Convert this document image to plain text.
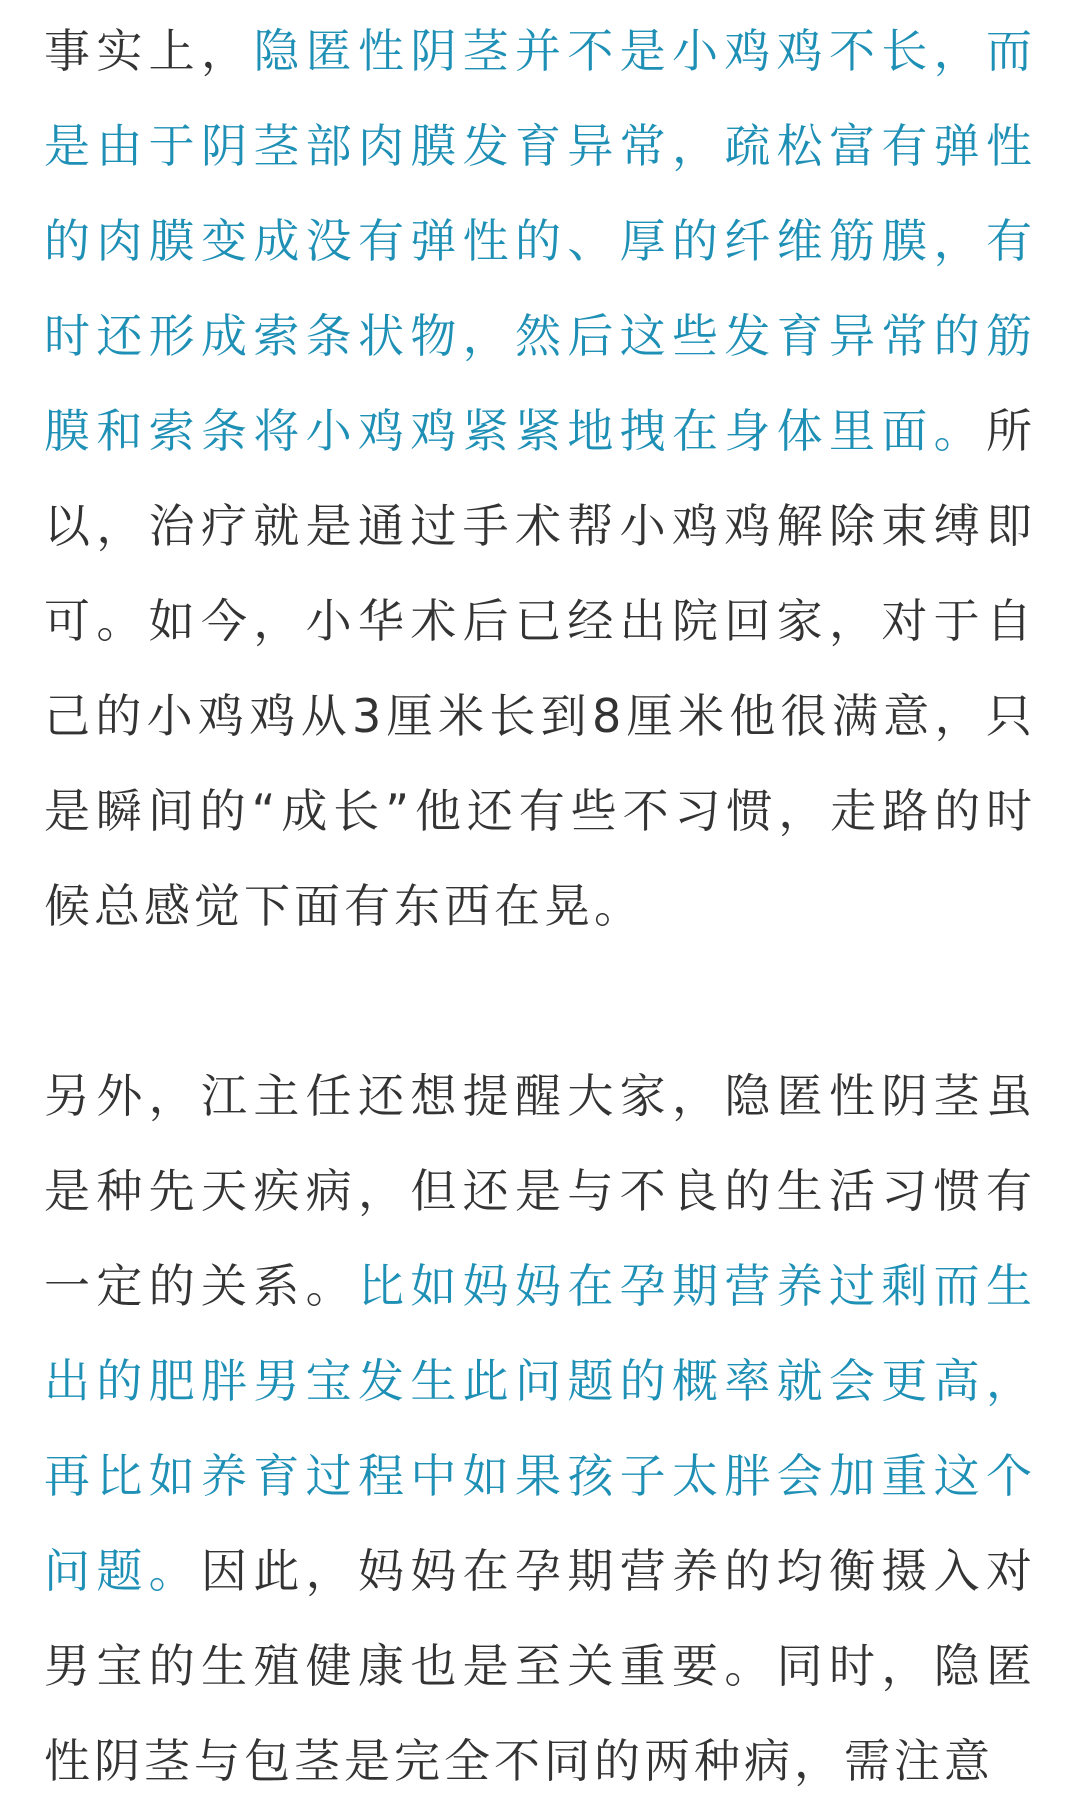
事实上，隐匿性阴茎并不是小鸡鸡不长，而是由于阴茎部肉膜发育异常，疏松富有弹性的肉膜变成没有弹性的、厚的纤维筋膜，有时还形成索条状物，然后这些发育异常的筋膜和索条将小鸡鸡紧紧地拽在身体里面。所以，治疗就是通过手术帮小鸡鸡解除束缚即可。如今，小华术后已经出院回家，对于自己的小鸡鸡从3厘米长到8厘米他很满意，只是瞬间的“成长”他还有些不习惯，走路的时候总感觉下面有东西在晃。

另外，江主任还想提醒大家，隐匿性阴茎虽是种先天疾病，但还是与不良的生活习惯有一定的关系。比如妈妈在孕期营养过剩而生出的肥胖男宝发生此问题的概率就会更高，再比如养育过程中如果孩子太胖会加重这个问题。因此，妈妈在孕期营养的均衡摄入对男宝的生殖健康也是至关重要。同时，隐匿性阴茎与包茎是完全不同的两种病，需注意
